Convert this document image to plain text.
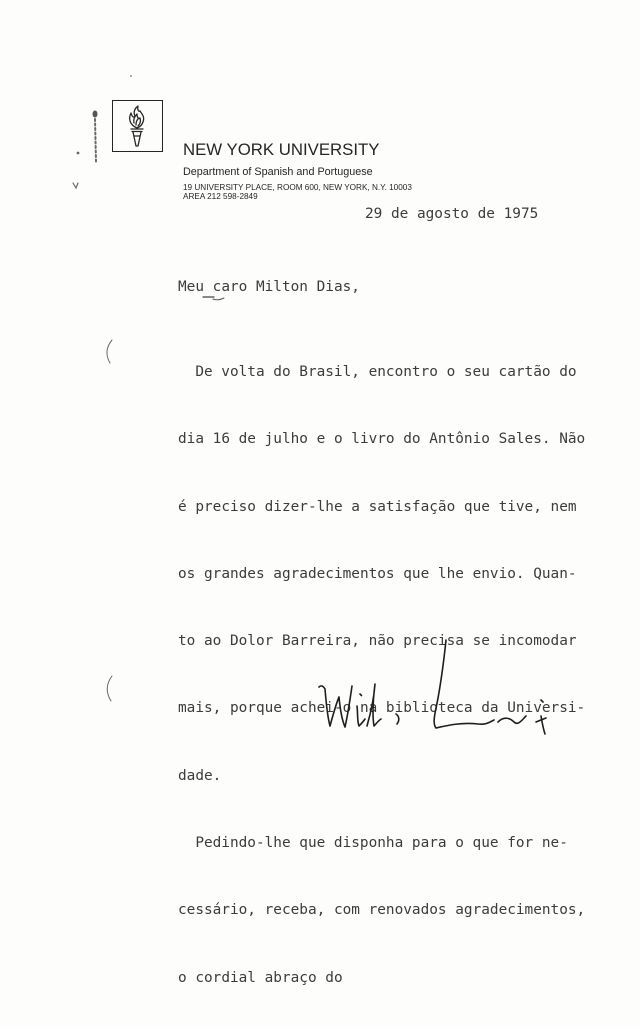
NEW YORK UNIVERSITY
Department of Spanish and Portuguese
19 UNIVERSITY PLACE, ROOM 600, NEW YORK, N.Y. 10003
AREA 212 598-2849
29 de agosto de 1975
Meu caro Milton Dias,

De volta do Brasil, encontro o seu cartão do

dia 16 de julho e o livro do Antônio Sales. Não

é preciso dizer-lhe a satisfação que tive, nem

os grandes agradecimentos que lhe envio. Quan-

to ao Dolor Barreira, não precisa se incomodar

mais, porque achei-o na biblioteca da Universi-

dade.

Pedindo-lhe que disponha para o que for ne-

cessário, receba, com renovados agradecimentos,

o cordial abraço do
